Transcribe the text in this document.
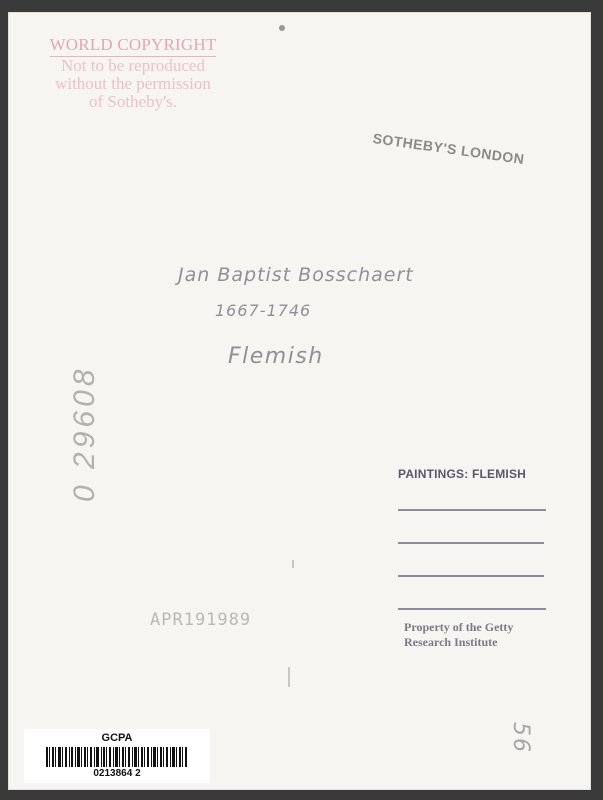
WORLD COPYRIGHT
Not to be reproduced
without the permission
of Sotheby's.
SOTHEBY'S LONDON
Jan Baptist Bosschaert
1667-1746
Flemish
0 29608	PAINTINGS: FLEMISH
APR191989	Property of the Getty
Research Institute
56
GCPA
0213864 2
